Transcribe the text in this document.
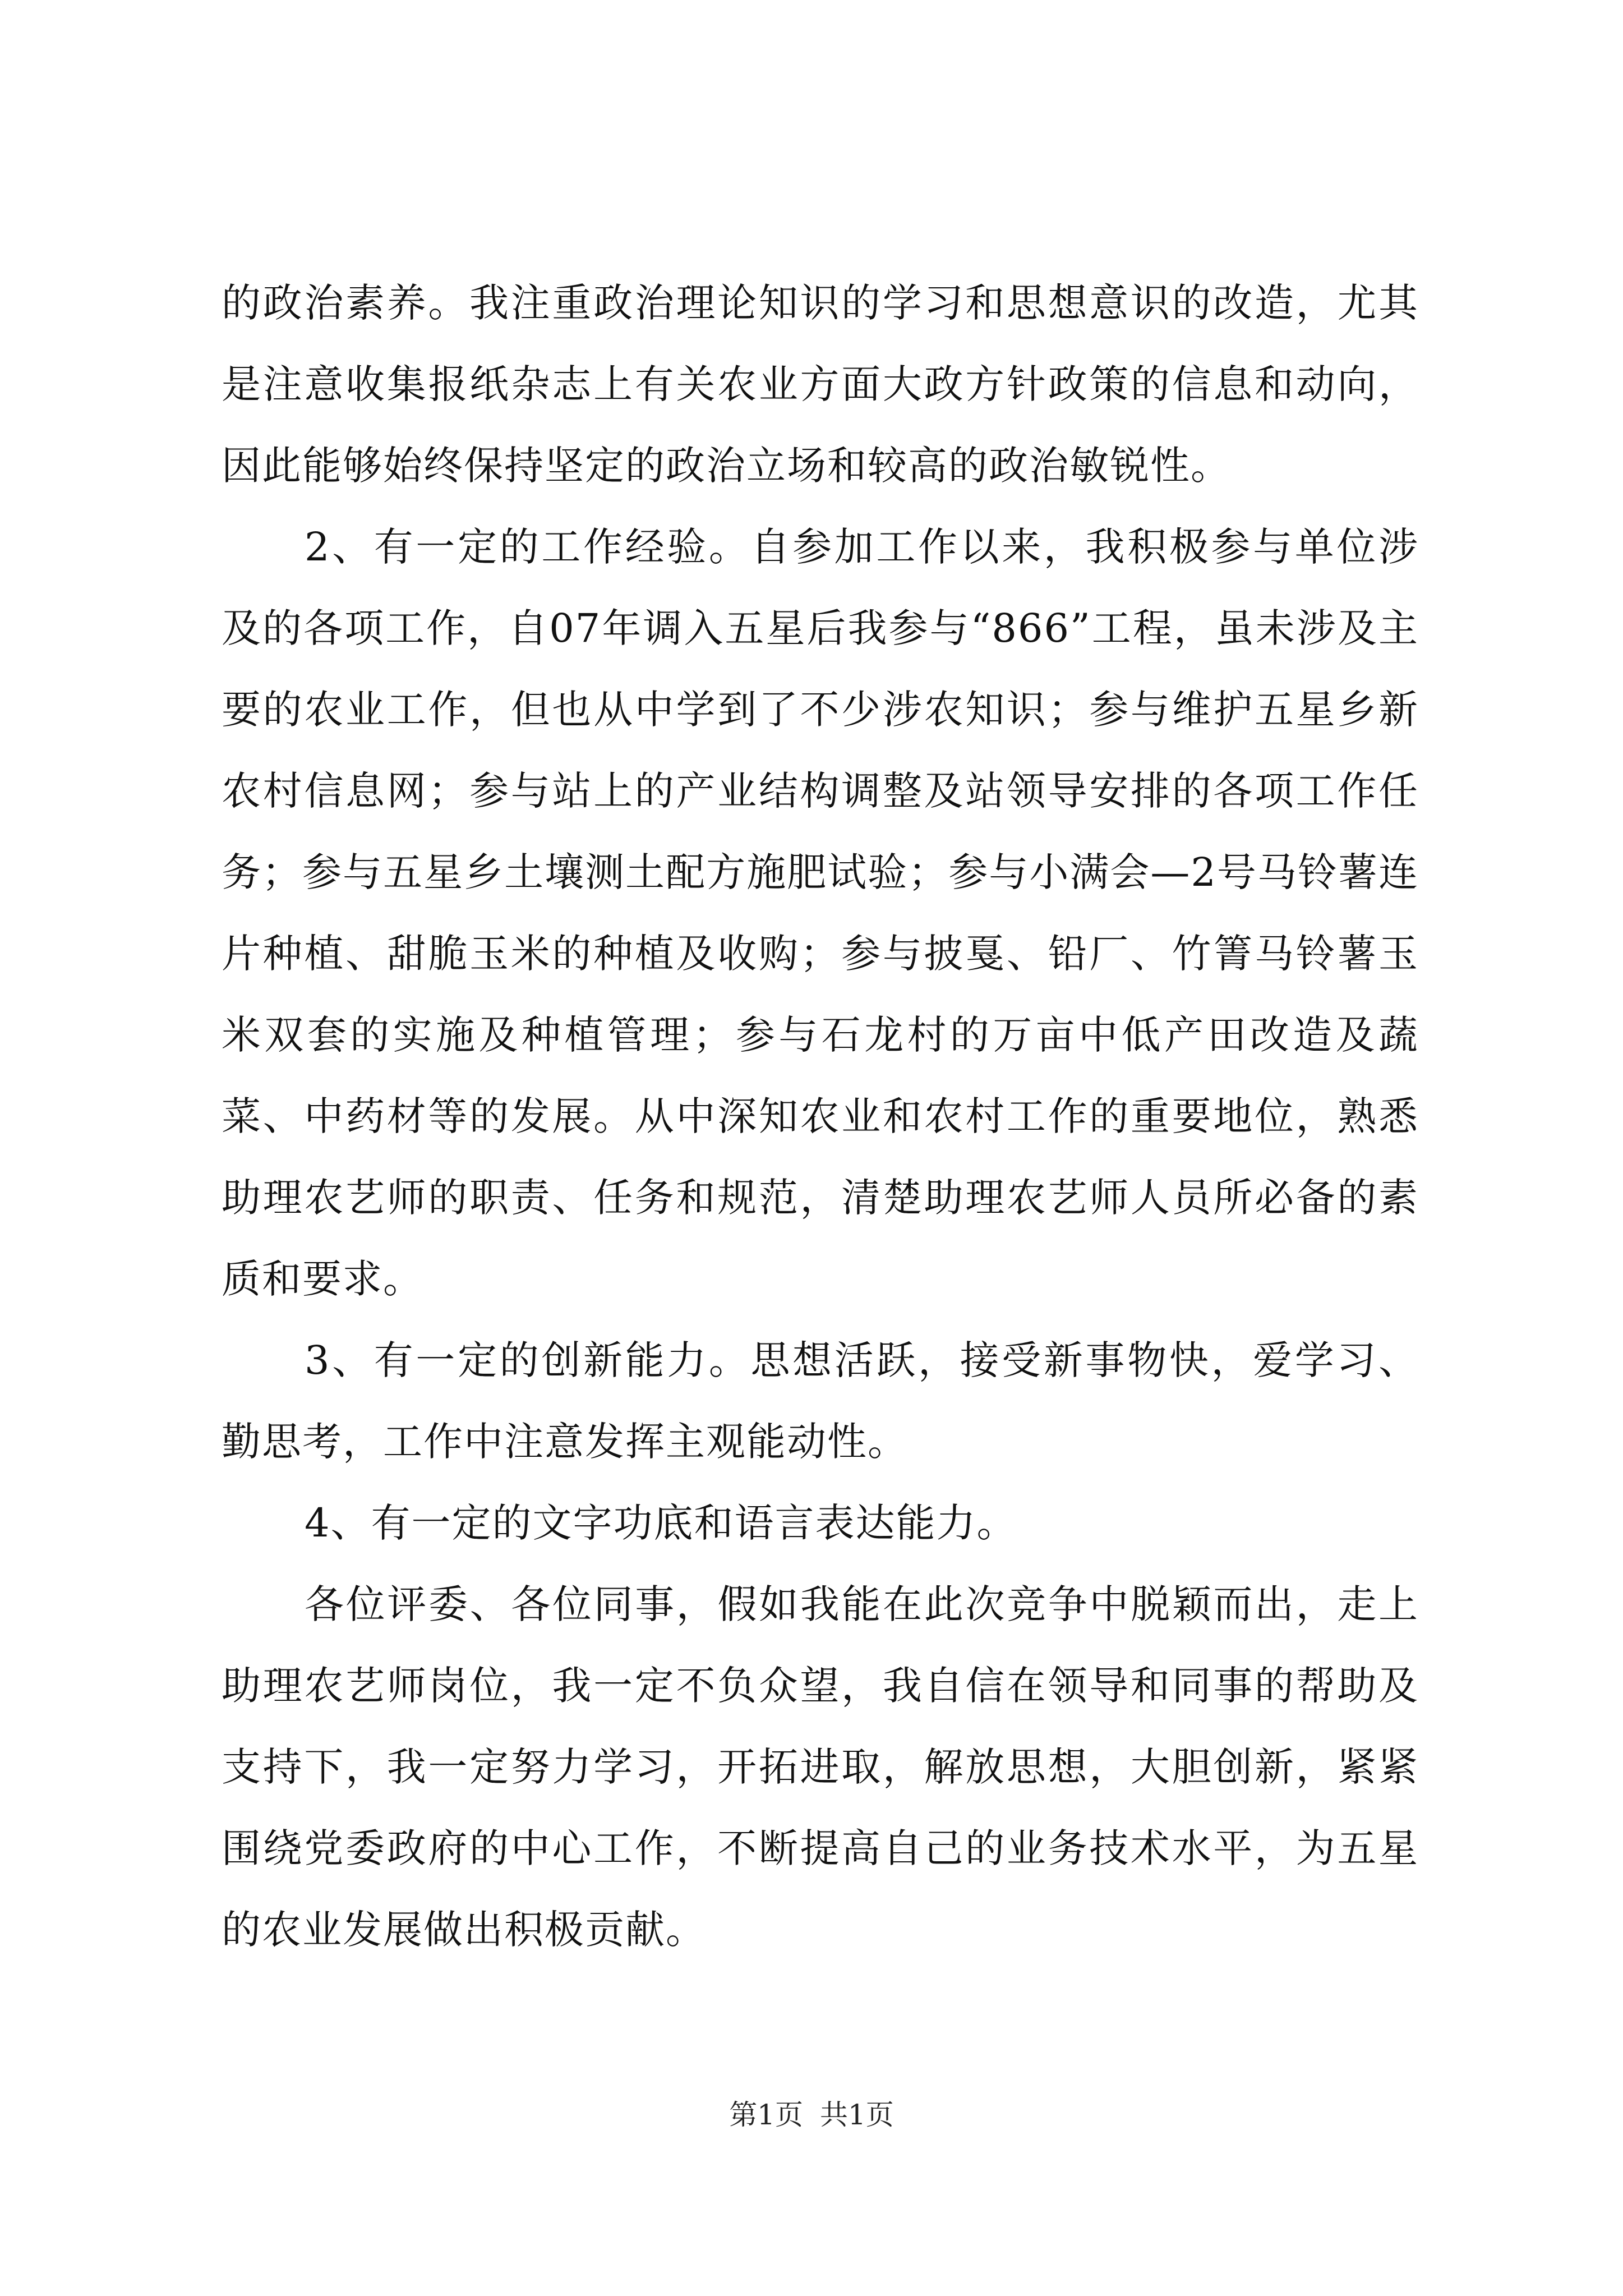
的政治素养。我注重政治理论知识的学习和思想意识的改造，尤其是注意收集报纸杂志上有关农业方面大政方针政策的信息和动向，因此能够始终保持坚定的政治立场和较高的政治敏锐性。

2、有一定的工作经验。自参加工作以来，我积极参与单位涉及的各项工作，自07年调入五星后我参与“866”工程，虽未涉及主要的农业工作，但也从中学到了不少涉农知识；参与维护五星乡新农村信息网；参与站上的产业结构调整及站领导安排的各项工作任务；参与五星乡土壤测土配方施肥试验；参与小满会—2号马铃薯连片种植、甜脆玉米的种植及收购；参与披戛、铅厂、竹箐马铃薯玉米双套的实施及种植管理；参与石龙村的万亩中低产田改造及蔬菜、中药材等的发展。从中深知农业和农村工作的重要地位，熟悉助理农艺师的职责、任务和规范，清楚助理农艺师人员所必备的素质和要求。

3、有一定的创新能力。思想活跃，接受新事物快，爱学习、勤思考，工作中注意发挥主观能动性。

4、有一定的文字功底和语言表达能力。

各位评委、各位同事，假如我能在此次竞争中脱颖而出，走上助理农艺师岗位，我一定不负众望，我自信在领导和同事的帮助及支持下，我一定努力学习，开拓进取，解放思想，大胆创新，紧紧围绕党委政府的中心工作，不断提高自己的业务技术水平，为五星的农业发展做出积极贡献。

第1页 共1页
